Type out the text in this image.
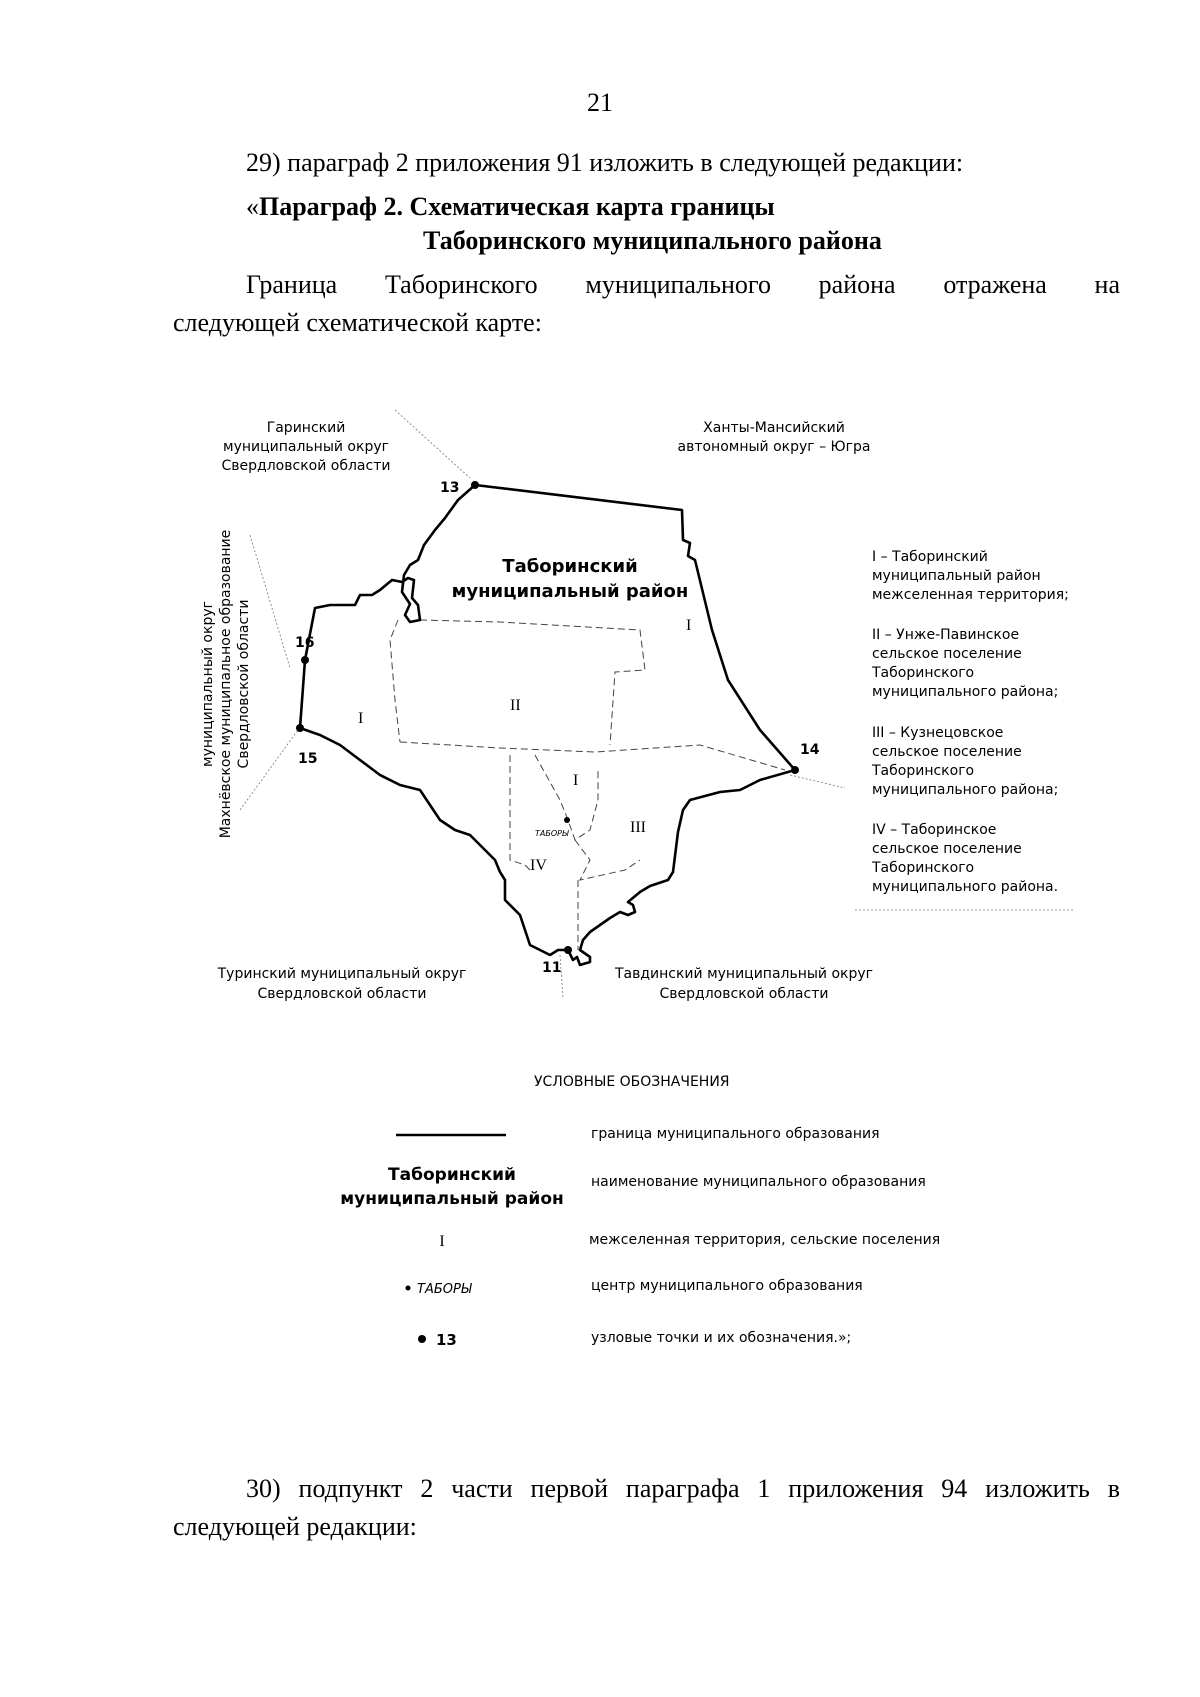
21
29) параграф 2 приложения 91 изложить в следующей редакции:
«Параграф 2. Схематическая карта границы
Таборинского муниципального района
Граница Таборинского муниципального района отражена на
следующей схематической карте:
13
16
15
14
11
Гаринский
муниципальный округ
Свердловской области
Ханты-Мансийский
автономный округ – Югра
муниципальный округ Махнёвское муниципальное образование Свердловской области
Туринский муниципальный округ
Свердловской области
Тавдинский муниципальный округ
Свердловской области
Таборинский
муниципальный район
I
II
I
I
III
IV
ТАБОРЫ
Таборинский
муниципальный район
I
ТАБОРЫ
13
I – Таборинский
муниципальный район
межселенная территория;
II – Унже-Павинское
сельское поселение
Таборинского
муниципального района;
III – Кузнецовское
сельское поселение
Таборинского
муниципального района;
IV – Таборинское
сельское поселение
Таборинского
муниципального района.
УСЛОВНЫЕ ОБОЗНАЧЕНИЯ
граница муниципального образования
наименование муниципального образования
межселенная территория, сельские поселения
центр муниципального образования
узловые точки и их обозначения.»;
30) подпункт 2 части первой параграфа 1 приложения 94 изложить в
следующей редакции:
